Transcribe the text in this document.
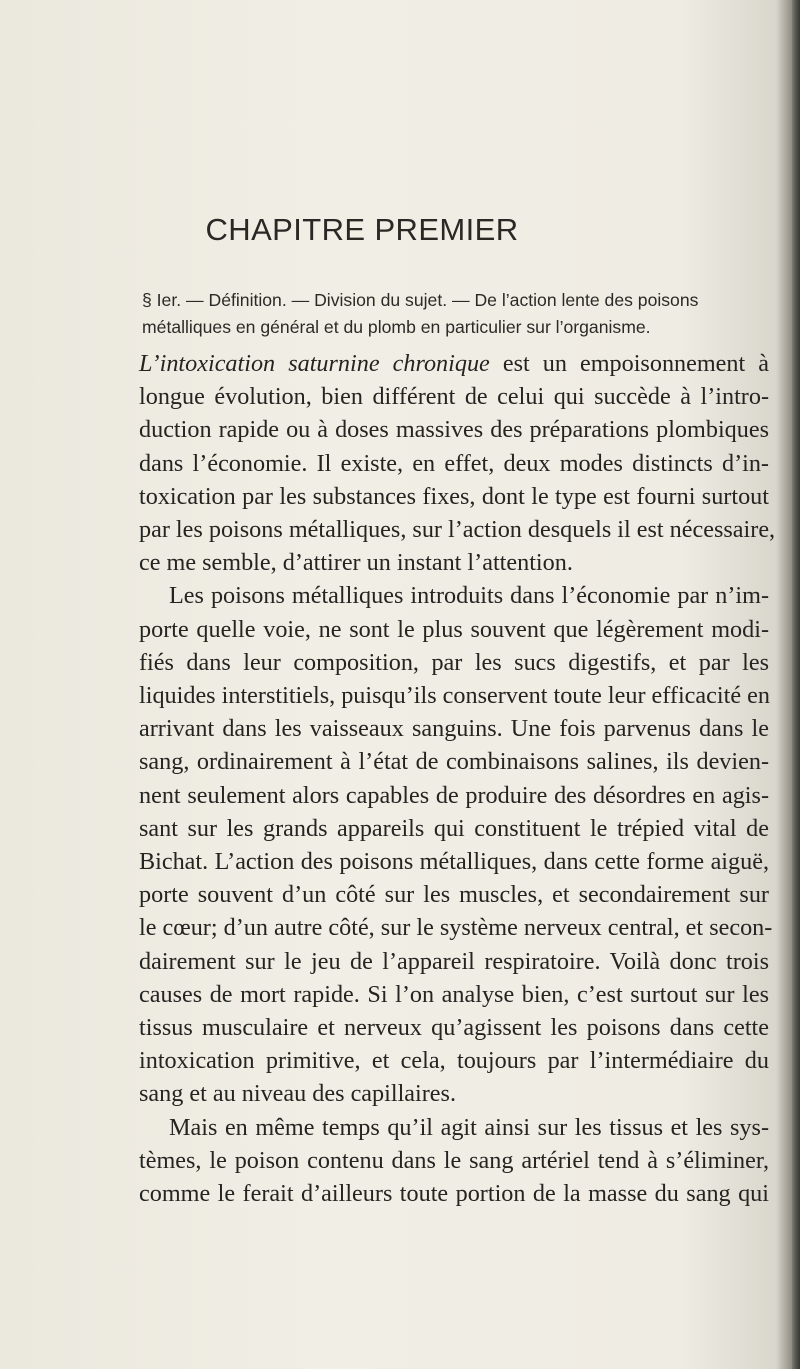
CHAPITRE PREMIER
§ Ier. — Définition. — Division du sujet. — De l’action lente des poisons
métalliques en général et du plomb en particulier sur l’organisme.
L’intoxication saturnine chronique est un empoisonnement à
longue évolution, bien différent de celui qui succède à l’intro-
duction rapide ou à doses massives des préparations plombiques
dans l’économie. Il existe, en effet, deux modes distincts d’in-
toxication par les substances fixes, dont le type est fourni surtout
par les poisons métalliques, sur l’action desquels il est nécessaire,
ce me semble, d’attirer un instant l’attention.
Les poisons métalliques introduits dans l’économie par n’im-
porte quelle voie, ne sont le plus souvent que légèrement modi-
fiés dans leur composition, par les sucs digestifs, et par les
liquides interstitiels, puisqu’ils conservent toute leur efficacité en
arrivant dans les vaisseaux sanguins. Une fois parvenus dans le
sang, ordinairement à l’état de combinaisons salines, ils devien-
nent seulement alors capables de produire des désordres en agis-
sant sur les grands appareils qui constituent le trépied vital de
Bichat. L’action des poisons métalliques, dans cette forme aiguë,
porte souvent d’un côté sur les muscles, et secondairement sur
le cœur; d’un autre côté, sur le système nerveux central, et secon-
dairement sur le jeu de l’appareil respiratoire. Voilà donc trois
causes de mort rapide. Si l’on analyse bien, c’est surtout sur les
tissus musculaire et nerveux qu’agissent les poisons dans cette
intoxication primitive, et cela, toujours par l’intermédiaire du
sang et au niveau des capillaires.
Mais en même temps qu’il agit ainsi sur les tissus et les sys-
tèmes, le poison contenu dans le sang artériel tend à s’éliminer,
comme le ferait d’ailleurs toute portion de la masse du sang qui
